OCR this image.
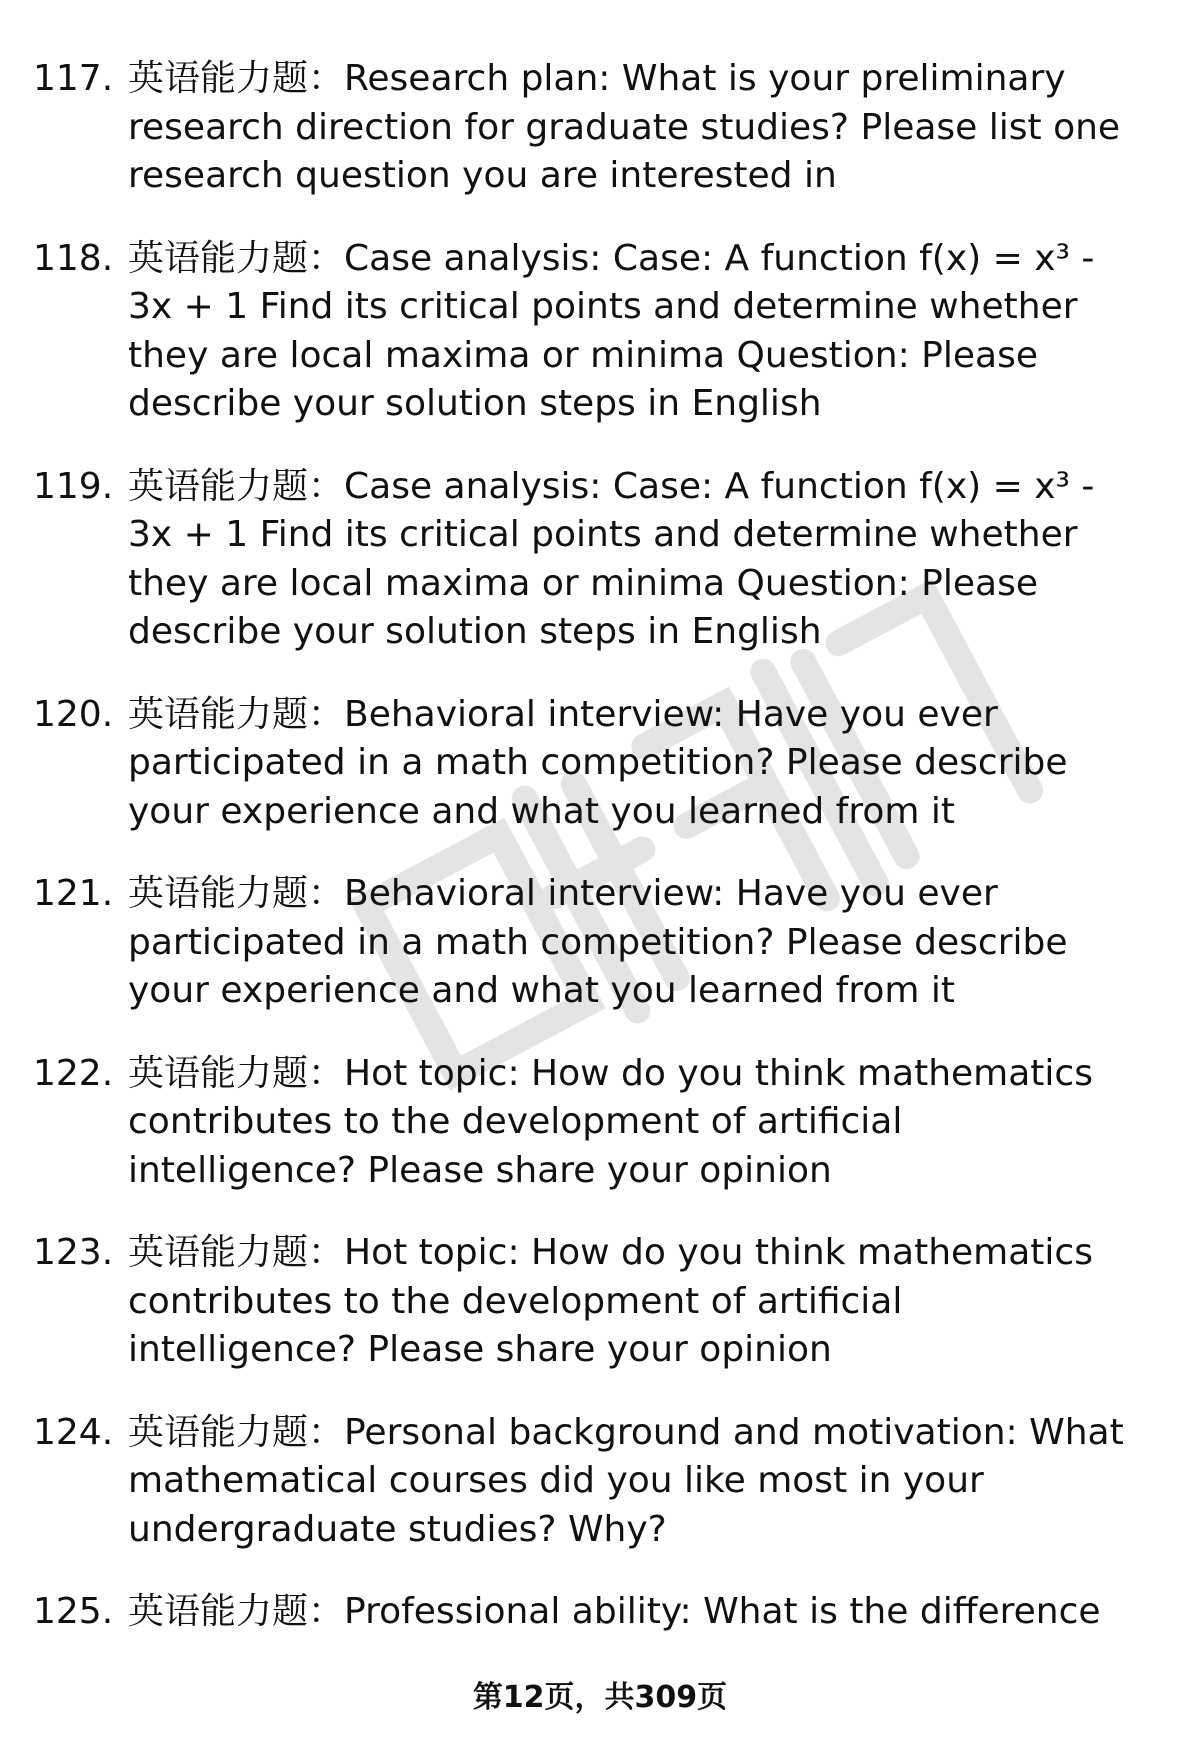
117. 英语能力题：Research plan: What is your preliminary research direction for graduate studies? Please list one research question you are interested in
118. 英语能力题：Case analysis: Case: A function f(x) = x³ - 3x + 1 Find its critical points and determine whether they are local maxima or minima Question: Please describe your solution steps in English
119. 英语能力题：Case analysis: Case: A function f(x) = x³ - 3x + 1 Find its critical points and determine whether they are local maxima or minima Question: Please describe your solution steps in English
120. 英语能力题：Behavioral interview: Have you ever participated in a math competition? Please describe your experience and what you learned from it
121. 英语能力题：Behavioral interview: Have you ever participated in a math competition? Please describe your experience and what you learned from it
122. 英语能力题：Hot topic: How do you think mathematics contributes to the development of artificial intelligence? Please share your opinion
123. 英语能力题：Hot topic: How do you think mathematics contributes to the development of artificial intelligence? Please share your opinion
124. 英语能力题：Personal background and motivation: What mathematical courses did you like most in your undergraduate studies? Why?
125. 英语能力题：Professional ability: What is the difference
第12页，共309页
